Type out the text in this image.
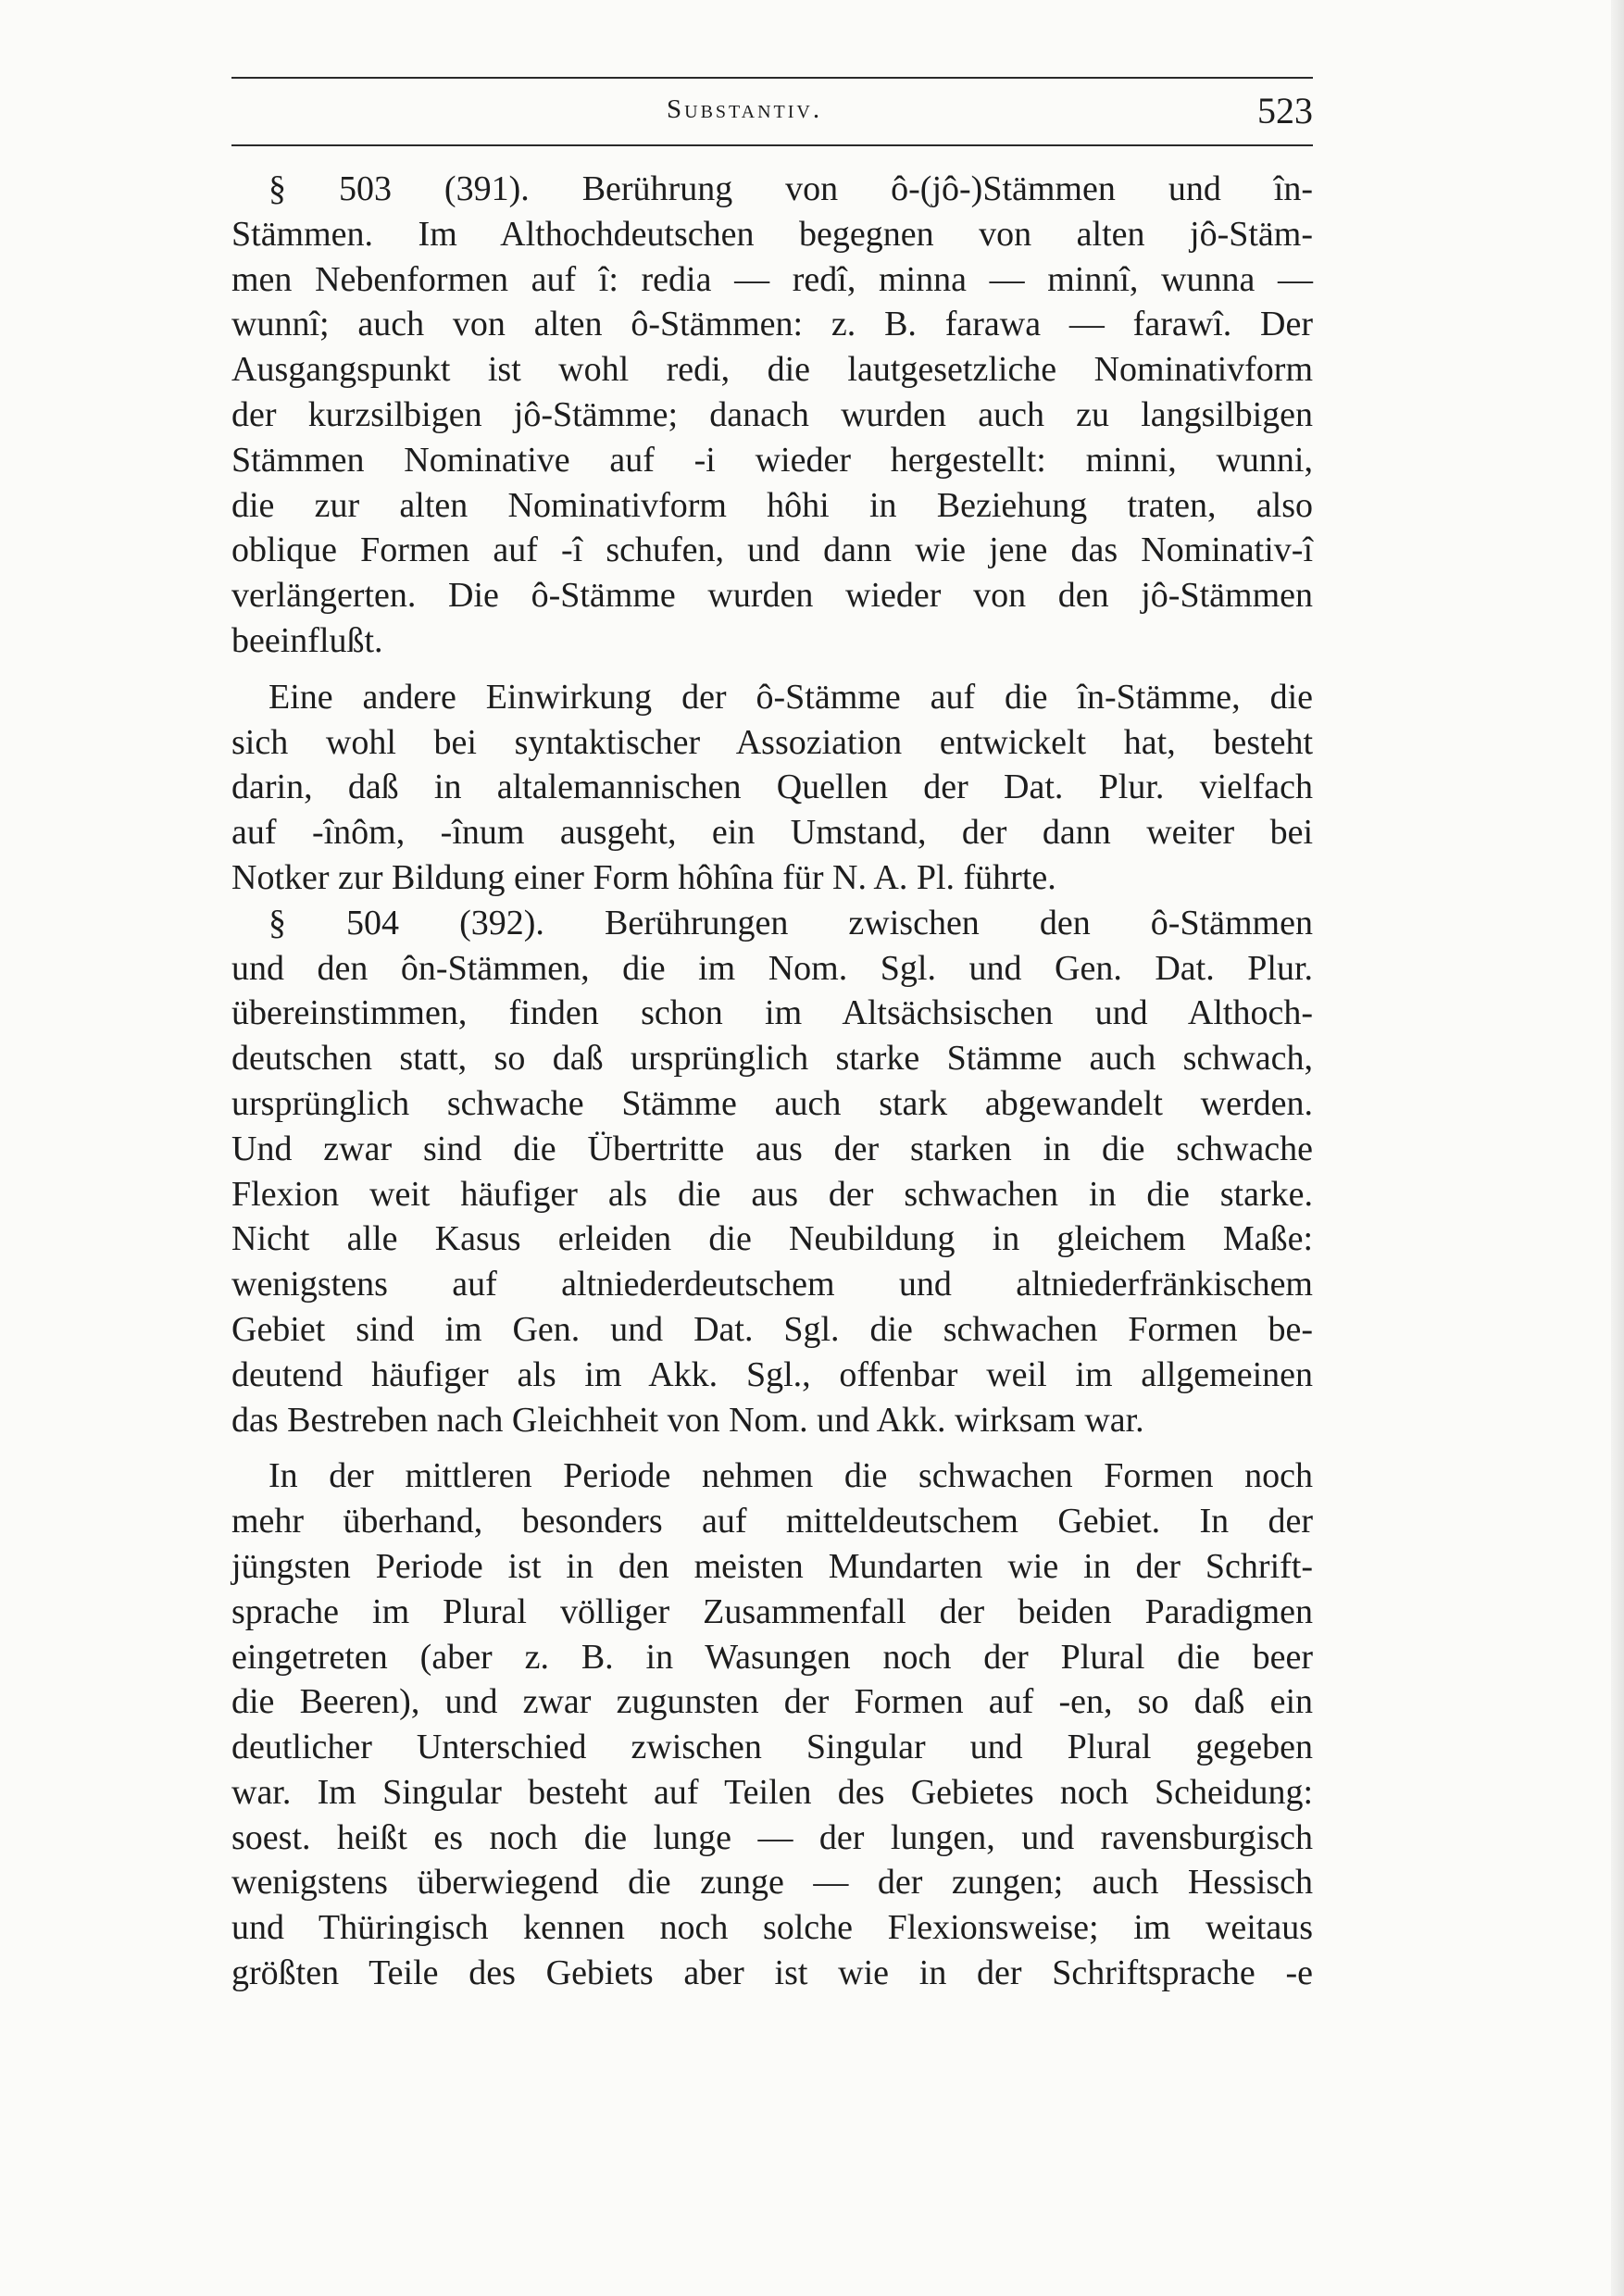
Substantiv.	523
§ 503 (391). Berührung von ô-(jô-)Stämmen und în-
Stämmen. Im Althochdeutschen begegnen von alten jô-Stäm-
men Nebenformen auf î: redia — redî, minna — minnî, wunna —
wunnî; auch von alten ô-Stämmen: z. B. farawa — farawî. Der
Ausgangspunkt ist wohl redi, die lautgesetzliche Nominativform
der kurzsilbigen jô-Stämme; danach wurden auch zu langsilbigen
Stämmen Nominative auf -i wieder hergestellt: minni, wunni,
die zur alten Nominativform hôhi in Beziehung traten, also
oblique Formen auf -î schufen, und dann wie jene das Nominativ-î
verlängerten. Die ô-Stämme wurden wieder von den jô-Stämmen
beeinflußt.
Eine andere Einwirkung der ô-Stämme auf die în-Stämme, die
sich wohl bei syntaktischer Assoziation entwickelt hat, besteht
darin, daß in altalemannischen Quellen der Dat. Plur. vielfach
auf -înôm, -înum ausgeht, ein Umstand, der dann weiter bei
Notker zur Bildung einer Form hôhîna für N. A. Pl. führte.
§ 504 (392). Berührungen zwischen den ô-Stämmen
und den ôn-Stämmen, die im Nom. Sgl. und Gen. Dat. Plur.
übereinstimmen, finden schon im Altsächsischen und Althoch-
deutschen statt, so daß ursprünglich starke Stämme auch schwach,
ursprünglich schwache Stämme auch stark abgewandelt werden.
Und zwar sind die Übertritte aus der starken in die schwache
Flexion weit häufiger als die aus der schwachen in die starke.
Nicht alle Kasus erleiden die Neubildung in gleichem Maße:
wenigstens auf altniederdeutschem und altniederfränkischem
Gebiet sind im Gen. und Dat. Sgl. die schwachen Formen be-
deutend häufiger als im Akk. Sgl., offenbar weil im allgemeinen
das Bestreben nach Gleichheit von Nom. und Akk. wirksam war.
In der mittleren Periode nehmen die schwachen Formen noch
mehr überhand, besonders auf mitteldeutschem Gebiet. In der
jüngsten Periode ist in den meisten Mundarten wie in der Schrift-
sprache im Plural völliger Zusammenfall der beiden Paradigmen
eingetreten (aber z. B. in Wasungen noch der Plural die beer
die Beeren), und zwar zugunsten der Formen auf -en, so daß ein
deutlicher Unterschied zwischen Singular und Plural gegeben
war. Im Singular besteht auf Teilen des Gebietes noch Scheidung:
soest. heißt es noch die lunge — der lungen, und ravensburgisch
wenigstens überwiegend die zunge — der zungen; auch Hessisch
und Thüringisch kennen noch solche Flexionsweise; im weitaus
größten Teile des Gebiets aber ist wie in der Schriftsprache -e
